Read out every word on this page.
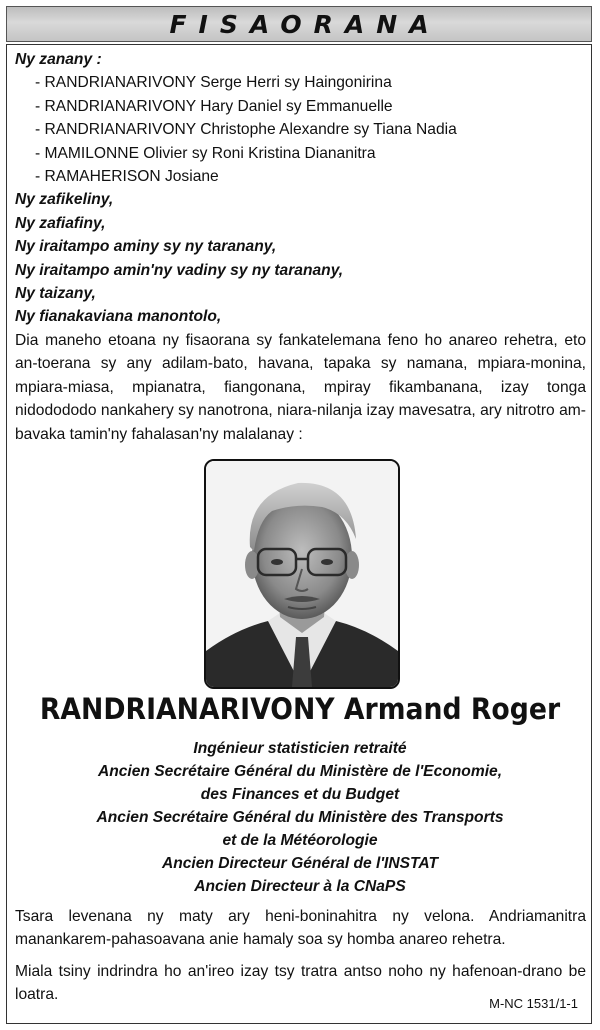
FISAORANA
Ny zanany :
- RANDRIANARIVONY Serge Herri sy Haingonirina
- RANDRIANARIVONY Hary Daniel sy Emmanuelle
- RANDRIANARIVONY Christophe Alexandre sy Tiana Nadia
- MAMILONNE Olivier sy Roni Kristina Diananitra
- RAMAHERISON Josiane
Ny zafikeliny,
Ny zafiafiny,
Ny iraitampo aminy sy ny taranany,
Ny iraitampo amin'ny vadiny sy ny taranany,
Ny taizany,
Ny fianakaviana manontolo,
Dia maneho etoana ny fisaorana sy fankatelemana feno ho anareo rehetra, eto an-toerana sy any adilam-bato, havana, tapaka sy namana, mpiara-monina, mpiara-miasa, mpianatra, fiangonana, mpiray fikambanana, izay tonga nidodododo nankahery sy nanotrona, niara-nilanja izay mavesatra, ary nitrotro am-bavaka tamin'ny fahalasan'ny malalanay :
RANDRIANARIVONY Armand Roger
Ingénieur statisticien retraité
Ancien Secrétaire Général du Ministère de l'Economie,
des Finances et du Budget
Ancien Secrétaire Général du Ministère des Transports
et de la Météorologie
Ancien Directeur Général de l'INSTAT
Ancien Directeur à la CNaPS

Tsara levenana ny maty ary heni-boninahitra ny velona. Andriamanitra manankarem-pahasoavana anie hamaly soa sy homba anareo rehetra.

Miala tsiny indrindra ho an'ireo izay tsy tratra antso noho ny hafenoan-drano be loatra.

M-NC 1531/1-1
